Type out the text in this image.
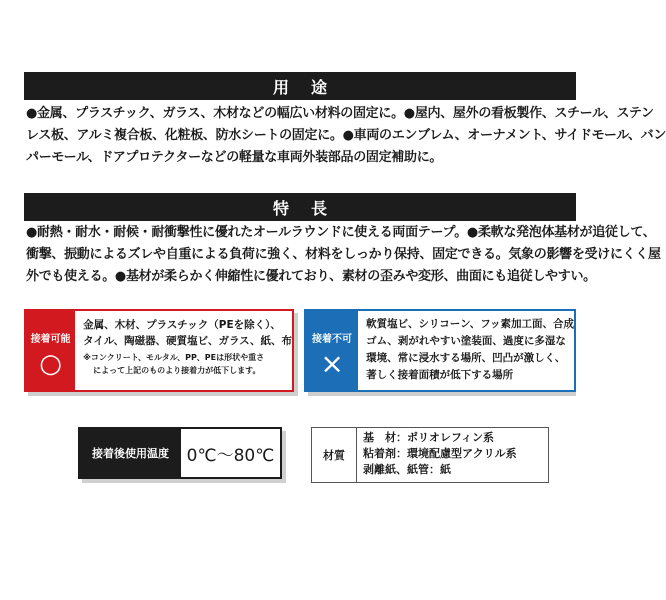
用途
●金属、プラスチック、ガラス、木材などの幅広い材料の固定に。●屋内、屋外の看板製作、スチール、ステン
レス板、アルミ複合板、化粧板、防水シートの固定に。●車両のエンブレム、オーナメント、サイドモール、バン
パーモール、ドアプロテクターなどの軽量な車両外装部品の固定補助に。
特長
●耐熱・耐水・耐候・耐衝撃性に優れたオールラウンドに使える両面テープ。●柔軟な発泡体基材が追従して、
衝撃、振動によるズレや自重による負荷に強く、材料をしっかり保持、固定できる。気象の影響を受けにくく屋
外でも使える。●基材が柔らかく伸縮性に優れており、素材の歪みや変形、曲面にも追従しやすい。
接着可能
○
金属、木材、プラスチック（PEを除く）、
タイル、陶磁器、硬質塩ビ、ガラス、紙、布
※コンクリート、モルタル、PP、PEは形状や重さ
によって上記のものより接着力が低下します。
接着不可
×
軟質塩ビ、シリコーン、フッ素加工面、合成
ゴム、剥がれやすい塗装面、過度に多湿な
環境、常に浸水する場所、凹凸が激しく、
著しく接着面積が低下する場所
接着後使用温度	0℃〜80℃	材質
基　材：ポリオレフィン系
粘着剤：環境配慮型アクリル系
剥離紙、紙管：紙
